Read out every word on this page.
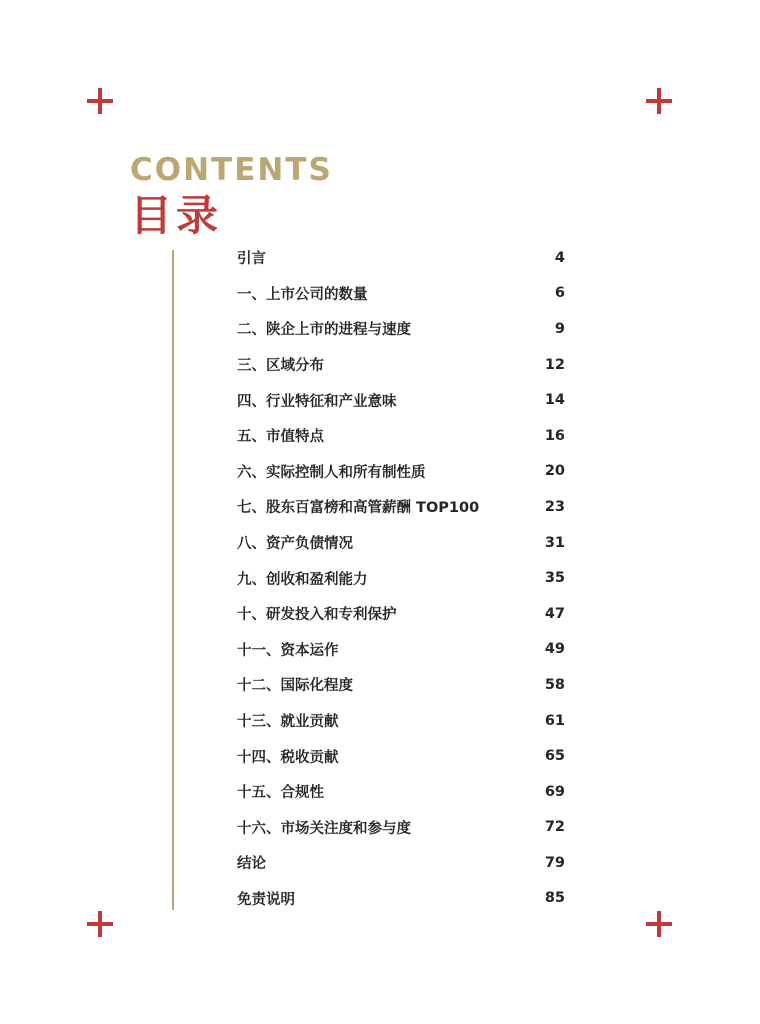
CONTENTS
目录
引言	4
一、上市公司的数量	6
二、陕企上市的进程与速度	9
三、区域分布	12
四、行业特征和产业意味	14
五、市值特点	16
六、实际控制人和所有制性质	20
七、股东百富榜和高管薪酬 TOP100	23
八、资产负债情况	31
九、创收和盈利能力	35
十、研发投入和专利保护	47
十一、资本运作	49
十二、国际化程度	58
十三、就业贡献	61
十四、税收贡献	65
十五、合规性	69
十六、市场关注度和参与度	72
结论	79
免责说明	85
